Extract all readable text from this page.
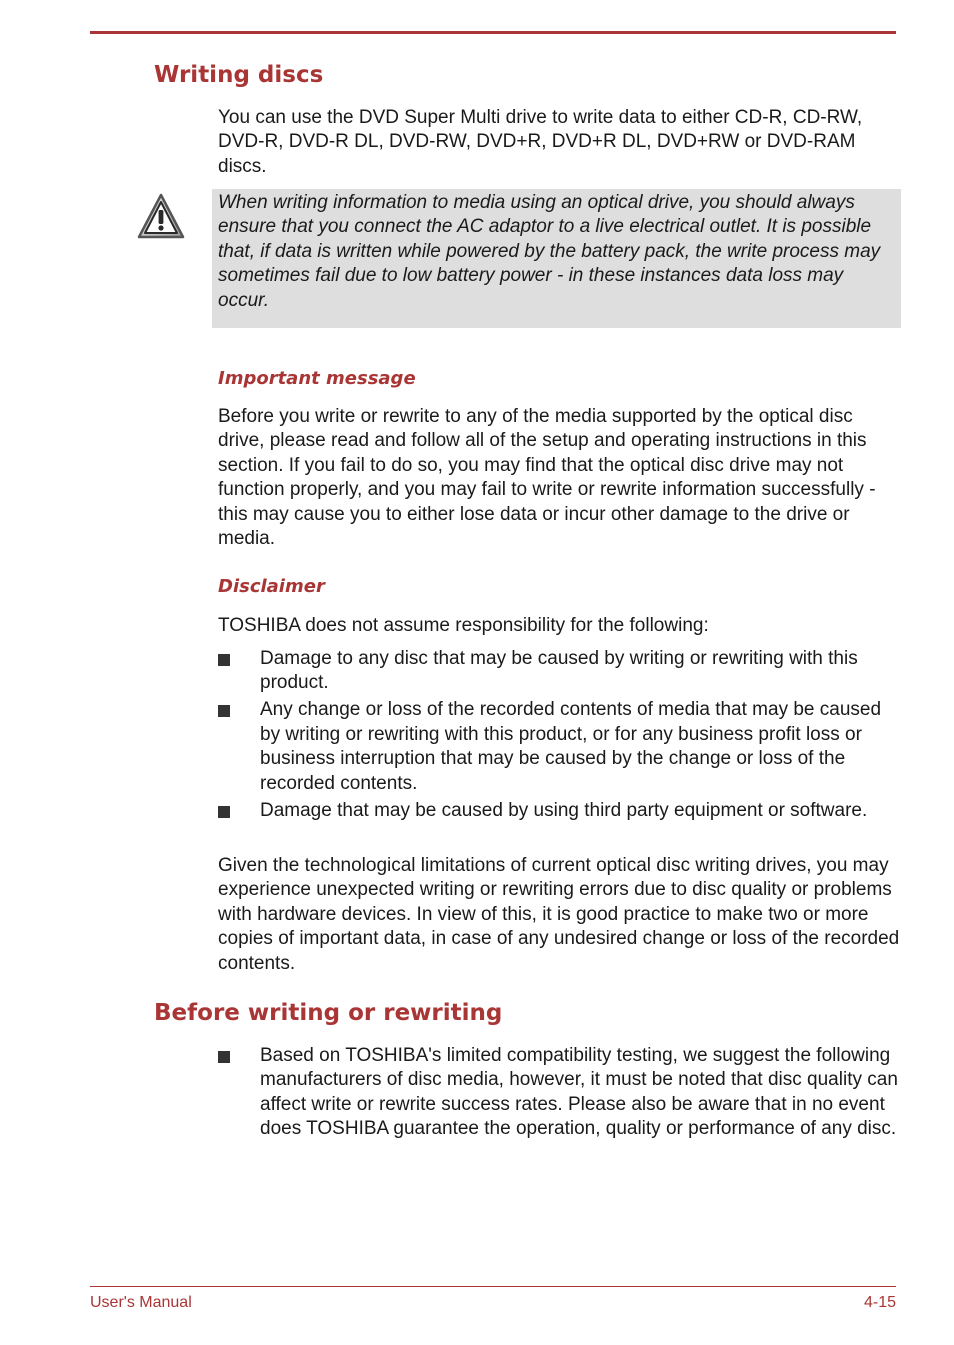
Writing discs

You can use the DVD Super Multi drive to write data to either CD-R, CD-RW, DVD-R, DVD-R DL, DVD-RW, DVD+R, DVD+R DL, DVD+RW or DVD-RAM discs.

When writing information to media using an optical drive, you should always ensure that you connect the AC adaptor to a live electrical outlet. It is possible that, if data is written while powered by the battery pack, the write process may sometimes fail due to low battery power - in these instances data loss may occur.

Important message

Before you write or rewrite to any of the media supported by the optical disc drive, please read and follow all of the setup and operating instructions in this section. If you fail to do so, you may find that the optical disc drive may not function properly, and you may fail to write or rewrite information successfully - this may cause you to either lose data or incur other damage to the drive or media.

Disclaimer

TOSHIBA does not assume responsibility for the following:

Damage to any disc that may be caused by writing or rewriting with this product.
Any change or loss of the recorded contents of media that may be caused by writing or rewriting with this product, or for any business profit loss or business interruption that may be caused by the change or loss of the recorded contents.
Damage that may be caused by using third party equipment or software.

Given the technological limitations of current optical disc writing drives, you may experience unexpected writing or rewriting errors due to disc quality or problems with hardware devices. In view of this, it is good practice to make two or more copies of important data, in case of any undesired change or loss of the recorded contents.

Before writing or rewriting
Based on TOSHIBA's limited compatibility testing, we suggest the following manufacturers of disc media, however, it must be noted that disc quality can affect write or rewrite success rates. Please also be aware that in no event does TOSHIBA guarantee the operation, quality or performance of any disc.
User's Manual	4-15
